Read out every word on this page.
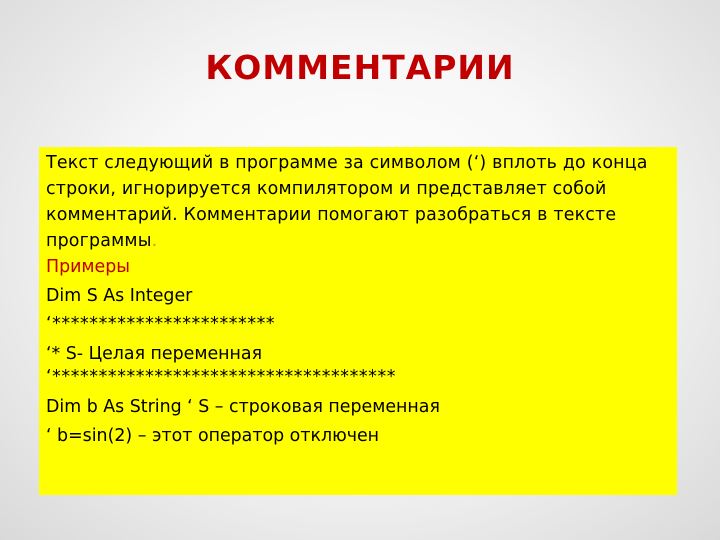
КОММЕНТАРИИ

Текст следующий в программе за символом (‘) вплоть до конца строки, игнорируется компилятором и представляет собой комментарий. Комментарии помогают разобраться в тексте программы.

Примеры
Dim S As Integer
‘************************
‘* S- Целая переменная
‘*************************************
Dim b As String ‘ S – строковая переменная
‘ b=sin(2) – этот оператор отключен
